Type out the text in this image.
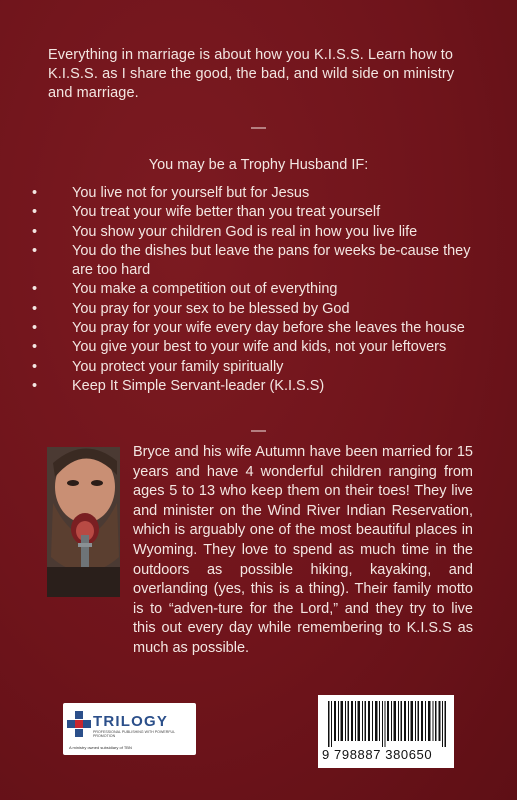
Everything in marriage is about how you K.I.S.S. Learn how to K.I.S.S. as I share the good, the bad, and wild side on ministry and marriage.
—
You may be a Trophy Husband IF:
• You live not for yourself but for Jesus
• You treat your wife better than you treat yourself
• You show your children God is real in how you live life
• You do the dishes but leave the pans for weeks be-cause they are too hard
• You make a competition out of everything
• You pray for your sex to be blessed by God
• You pray for your wife every day before she leaves the house
• You give your best to your wife and kids, not your leftovers
• You protect your family spiritually
• Keep It Simple Servant-leader (K.I.S.S)
—
Bryce and his wife Autumn have been married for 15 years and have 4 wonderful children ranging from ages 5 to 13 who keep them on their toes! They live and minister on the Wind River Indian Reservation, which is arguably one of the most beautiful places in Wyoming. They love to spend as much time in the outdoors as possible hiking, kayaking, and overlanding (yes, this is a thing). Their family motto is to “adven-ture for the Lord,” and they try to live this out every day while remembering to K.I.S.S as much as possible.
TRILOGY
PROFESSIONAL PUBLISHING WITH POWERFUL PROMOTION
A ministry owned subsidiary of TBN	9 798887 380650
